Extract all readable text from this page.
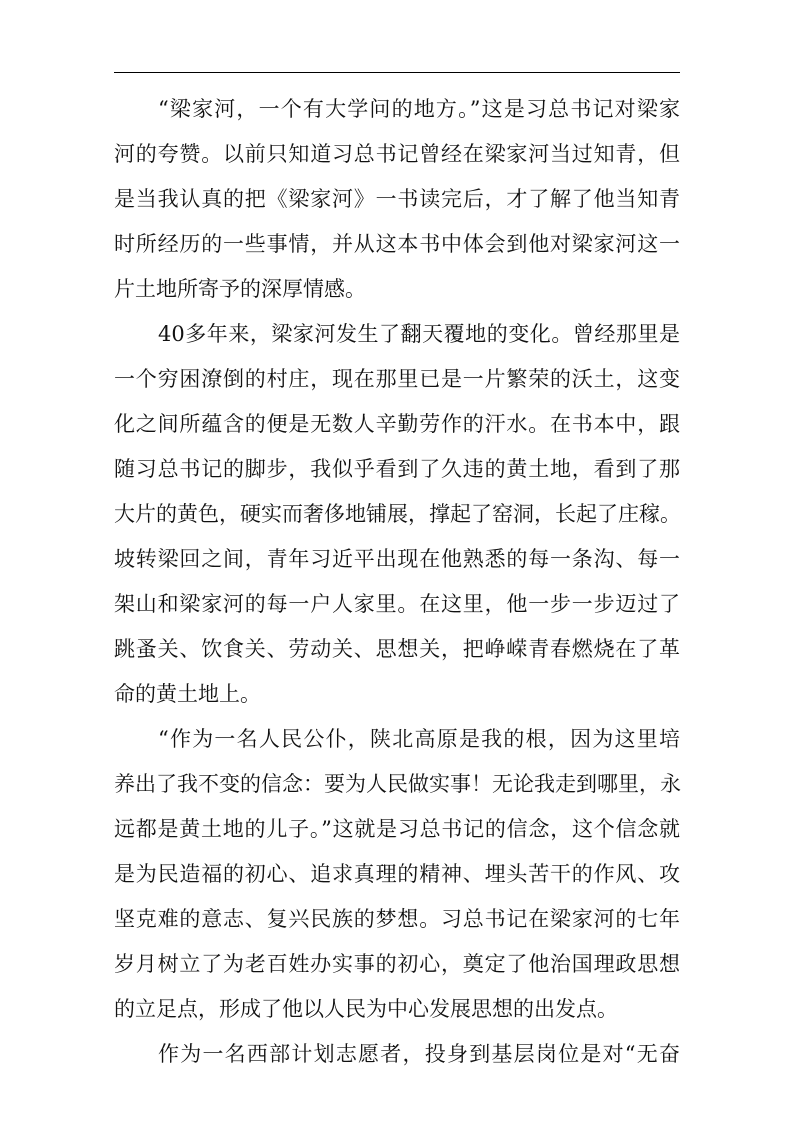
“梁家河，一个有大学问的地方。”这是习总书记对梁家
河的夸赞。以前只知道习总书记曾经在梁家河当过知青，但
是当我认真的把《梁家河》一书读完后，才了解了他当知青
时所经历的一些事情，并从这本书中体会到他对梁家河这一
片土地所寄予的深厚情感。
40多年来，梁家河发生了翻天覆地的变化。曾经那里是
一个穷困潦倒的村庄，现在那里已是一片繁荣的沃土，这变
化之间所蕴含的便是无数人辛勤劳作的汗水。在书本中，跟
随习总书记的脚步，我似乎看到了久违的黄土地，看到了那
大片的黄色，硬实而奢侈地铺展，撑起了窑洞，长起了庄稼。
坡转梁回之间，青年习近平出现在他熟悉的每一条沟、每一
架山和梁家河的每一户人家里。在这里，他一步一步迈过了
跳蚤关、饮食关、劳动关、思想关，把峥嵘青春燃烧在了革
命的黄土地上。
“作为一名人民公仆，陕北高原是我的根，因为这里培
养出了我不变的信念：要为人民做实事！无论我走到哪里，永
远都是黄土地的儿子。”这就是习总书记的信念，这个信念就
是为民造福的初心、追求真理的精神、埋头苦干的作风、攻
坚克难的意志、复兴民族的梦想。习总书记在梁家河的七年
岁月树立了为老百姓办实事的初心，奠定了他治国理政思想
的立足点，形成了他以人民为中心发展思想的出发点。
作为一名西部计划志愿者，投身到基层岗位是对“无奋
